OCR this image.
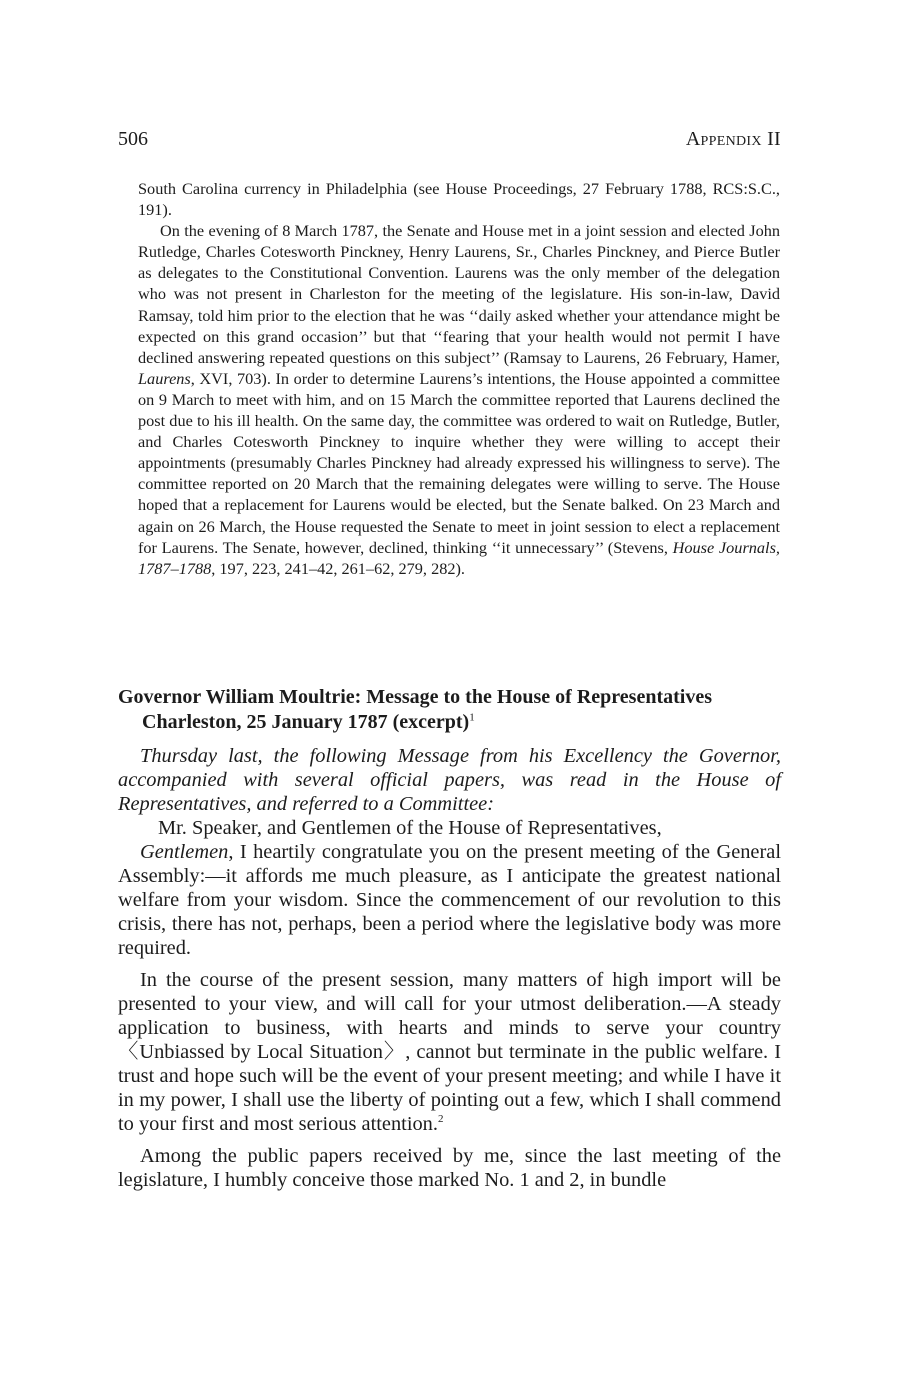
506	Appendix II

South Carolina currency in Philadelphia (see House Proceedings, 27 February 1788, RCS:S.C., 191).

On the evening of 8 March 1787, the Senate and House met in a joint session and elected John Rutledge, Charles Cotesworth Pinckney, Henry Laurens, Sr., Charles Pinckney, and Pierce Butler as delegates to the Constitutional Convention. Laurens was the only member of the delegation who was not present in Charleston for the meeting of the legislature. His son-in-law, David Ramsay, told him prior to the election that he was ‘‘daily asked whether your attendance might be expected on this grand occasion’’ but that ‘‘fearing that your health would not permit I have declined answering repeated questions on this subject’’ (Ramsay to Laurens, 26 February, Hamer, Laurens, XVI, 703). In order to determine Laurens’s intentions, the House appointed a committee on 9 March to meet with him, and on 15 March the committee reported that Laurens declined the post due to his ill health. On the same day, the committee was ordered to wait on Rutledge, Butler, and Charles Cotesworth Pinckney to inquire whether they were willing to accept their appointments (presumably Charles Pinckney had already expressed his willingness to serve). The committee reported on 20 March that the remaining delegates were willing to serve. The House hoped that a replacement for Laurens would be elected, but the Senate balked. On 23 March and again on 26 March, the House requested the Senate to meet in joint session to elect a replacement for Laurens. The Senate, however, declined, thinking ‘‘it unnecessary’’ (Stevens, House Journals, 1787–1788, 197, 223, 241–42, 261–62, 279, 282).

Governor William Moultrie: Message to the House of Representatives
Charleston, 25 January 1787 (excerpt)$^1$

Thursday last, the following Message from his Excellency the Governor, accompanied with several official papers, was read in the House of Representatives, and referred to a Committee:

Mr. Speaker, and Gentlemen of the House of Representatives,

Gentlemen, I heartily congratulate you on the present meeting of the General Assembly:—it affords me much pleasure, as I anticipate the greatest national welfare from your wisdom. Since the commencement of our revolution to this crisis, there has not, perhaps, been a period where the legislative body was more required.

In the course of the present session, many matters of high import will be presented to your view, and will call for your utmost deliberation.—A steady application to business, with hearts and minds to serve your country 〈Unbiassed by Local Situation〉, cannot but terminate in the public welfare. I trust and hope such will be the event of your present meeting; and while I have it in my power, I shall use the liberty of pointing out a few, which I shall commend to your first and most serious attention.$^2$

Among the public papers received by me, since the last meeting of the legislature, I humbly conceive those marked No. 1 and 2, in bundle
